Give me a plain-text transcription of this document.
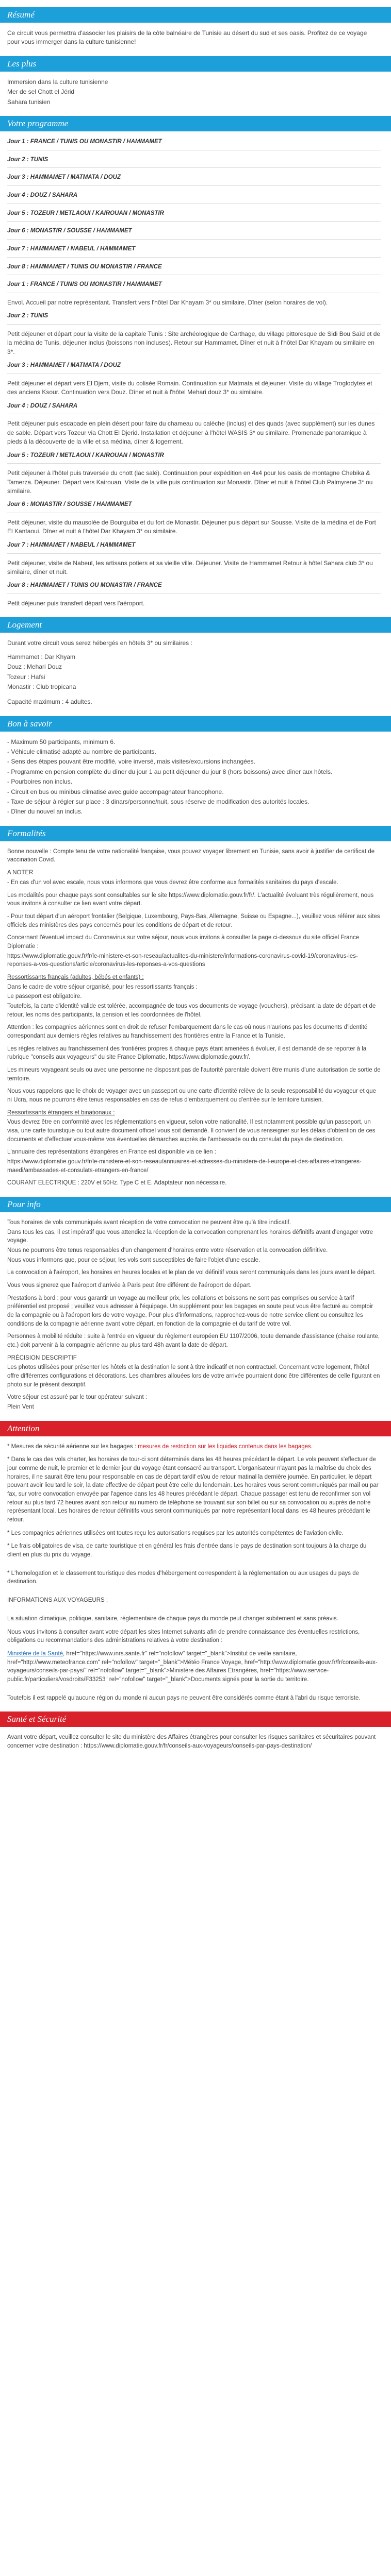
Résumé

Ce circuit vous permettra d'associer les plaisirs de la côte balnéaire de Tunisie au désert du sud et ses oasis. Profitez de ce voyage pour vous immerger dans la culture tunisienne!

Les plus
Immersion dans la culture tunisienne
Mer de sel Chott el Jérid
Sahara tunisien
Votre programme
Jour 1 : FRANCE / TUNIS OU MONASTIR / HAMMAMET
Jour 2 : TUNIS
Jour 3 : HAMMAMET / MATMATA / DOUZ
Jour 4 : DOUZ / SAHARA
Jour 5 : TOZEUR / METLAOUI / KAIROUAN / MONASTIR
Jour 6 : MONASTIR / SOUSSE / HAMMAMET
Jour 7 : HAMMAMET / NABEUL / HAMMAMET
Jour 8 : HAMMAMET / TUNIS OU MONASTIR / FRANCE
Jour 1 : FRANCE / TUNIS OU MONASTIR / HAMMAMET

Envol. Accueil par notre représentant. Transfert vers l'hôtel Dar Khayam 3* ou similaire. Dîner (selon horaires de vol).

Jour 2 : TUNIS

Petit déjeuner et départ pour la visite de la capitale Tunis : Site archéologique de Carthage, du village pittoresque de Sidi Bou Saïd et de la médina de Tunis, déjeuner inclus (boissons non incluses). Retour sur Hammamet. Dîner et nuit à l'hôtel Dar Khayam ou similaire en 3*.

Jour 3 : HAMMAMET / MATMATA / DOUZ

Petit déjeuner et départ vers El Djem, visite du colisée Romain. Continuation sur Matmata et déjeuner. Visite du village Troglodytes et des anciens Ksour. Continuation vers Douz. Dîner et nuit à l'hôtel Mehari douz 3* ou similaire.

Jour 4 : DOUZ / SAHARA

Petit déjeuner puis escapade en plein désert pour faire du chameau ou calèche (inclus) et des quads (avec supplément) sur les dunes de sable. Départ vers Tozeur via Chott El Djerid. Installation et déjeuner à l'hôtel WASIS 3* ou similaire. Promenade panoramique à pieds à la découverte de la ville et sa médina, dîner & logement.

Jour 5 : TOZEUR / METLAOUI / KAIROUAN / MONASTIR

Petit déjeuner à l'hôtel puis traversée du chott (lac salé). Continuation pour expédition en 4x4 pour les oasis de montagne Chebika & Tamerza. Déjeuner. Départ vers Kairouan. Visite de la ville puis continuation sur Monastir. Dîner et nuit à l'hôtel Club Palmyrene 3* ou similaire.

Jour 6 : MONASTIR / SOUSSE / HAMMAMET

Petit déjeuner, visite du mausolée de Bourguiba et du fort de Monastir. Déjeuner puis départ sur Sousse. Visite de la médina et de Port El Kantaoui. Dîner et nuit à l'hôtel Dar Khayam 3* ou similaire.

Jour 7 : HAMMAMET / NABEUL / HAMMAMET

Petit déjeuner, visite de Nabeul, les artisans potiers et sa vieille ville. Déjeuner. Visite de Hammamet Retour à hôtel Sahara club 3* ou similaire, dîner et nuit.

Jour 8 : HAMMAMET / TUNIS OU MONASTIR / FRANCE

Petit déjeuner puis transfert départ vers l'aéroport.

Logement

Durant votre circuit vous serez hébergés en hôtels 3* ou similaires :

Hammamet : Dar Khyam
Douz : Mehari Douz
Tozeur : Hafsi
Monastir : Club tropicana

Capacité maximum : 4 adultes.

Bon à savoir
- Maximum 50 participants, minimum 6.
- Véhicule climatisé adapté au nombre de participants.
- Sens des étapes pouvant être modifié, voire inversé, mais visites/excursions inchangées.
- Programme en pension complète du dîner du jour 1 au petit déjeuner du jour 8 (hors boissons) avec dîner aux hôtels.
- Pourboires non inclus.
- Circuit en bus ou minibus climatisé avec guide accompagnateur francophone.
- Taxe de séjour à régler sur place : 3 dinars/personne/nuit, sous réserve de modification des autorités locales.
- Dîner du nouvel an inclus.
Formalités

Bonne nouvelle : Compte tenu de votre nationalité française, vous pouvez voyager librement en Tunisie, sans avoir à justifier de certificat de vaccination Covid.

A NOTER

- En cas d'un vol avec escale, nous vous informons que vous devrez être conforme aux formalités sanitaires du pays d'escale.

Les modalités pour chaque pays sont consultables sur le site https://www.diplomatie.gouv.fr/fr/. L'actualité évoluant très régulièrement, nous vous invitons à consulter ce lien avant votre départ.

- Pour tout départ d'un aéroport frontalier (Belgique, Luxembourg, Pays-Bas, Allemagne, Suisse ou Espagne...), veuillez vous référer aux sites officiels des ministères des pays concernés pour les conditions de départ et de retour.

Concernant l'éventuel impact du Coronavirus sur votre séjour, nous vous invitons à consulter la page ci-dessous du site officiel France Diplomatie :

https://www.diplomatie.gouv.fr/fr/le-ministere-et-son-reseau/actualites-du-ministere/informations-coronavirus-covid-19/coronavirus-les-reponses-a-vos-questions/article/coronavirus-les-reponses-a-vos-questions

Ressortissants français (adultes, bébés et enfants) :

Dans le cadre de votre séjour organisé, pour les ressortissants français :

Le passeport est obligatoire.

Toutefois, la carte d'identité valide est tolérée, accompagnée de tous vos documents de voyage (vouchers), précisant la date de départ et de retour, les noms des participants, la pension et les coordonnées de l'hôtel.

Attention : les compagnies aériennes sont en droit de refuser l'embarquement dans le cas où nous n'aurions pas les documents d'identité correspondant aux derniers règles relatives au franchissement des frontières entre la France et la Tunisie.

Les règles relatives au franchissement des frontières propres à chaque pays étant amenées à évoluer, il est demandé de se reporter à la rubrique "conseils aux voyageurs" du site France Diplomatie, https://www.diplomatie.gouv.fr/.

Les mineurs voyageant seuls ou avec une personne ne disposant pas de l'autorité parentale doivent être munis d'une autorisation de sortie de territoire.

Nous vous rappelons que le choix de voyager avec un passeport ou une carte d'identité relève de la seule responsabilité du voyageur et que ni Ucra, nous ne pourrons être tenus responsables en cas de refus d'embarquement ou d'entrée sur le territoire tunisien.

Ressortissants étrangers et binationaux :

Vous devrez être en conformité avec les réglementations en vigueur, selon votre nationalité. Il est notamment possible qu'un passeport, un visa, une carte touristique ou tout autre document officiel vous soit demandé. Il convient de vous renseigner sur les délais d'obtention de ces documents et d'effectuer vous-même vos éventuelles démarches auprès de l'ambassade ou du consulat du pays de destination.

L'annuaire des représentations étrangères en France est disponible via ce lien :

https://www.diplomatie.gouv.fr/fr/le-ministere-et-son-reseau/annuaires-et-adresses-du-ministere-de-l-europe-et-des-affaires-etrangeres-maedi/ambassades-et-consulats-etrangers-en-france/

COURANT ELECTRIQUE : 220V et 50Hz. Type C et E. Adaptateur non nécessaire.

Pour info

Tous horaires de vols communiqués avant réception de votre convocation ne peuvent être qu'à titre indicatif.

Dans tous les cas, il est impératif que vous attendiez la réception de la convocation comprenant les horaires définitifs avant d'engager votre voyage.

Nous ne pourrons être tenus responsables d'un changement d'horaires entre votre réservation et la convocation définitive.

Nous vous informons que, pour ce séjour, les vols sont susceptibles de faire l'objet d'une escale.

La convocation à l'aéroport, les horaires en heures locales et le plan de vol définitif vous seront communiqués dans les jours avant le départ.

Vous vous signerez que l'aéroport d'arrivée à Paris peut être différent de l'aéroport de départ.

Prestations à bord : pour vous garantir un voyage au meilleur prix, les collations et boissons ne sont pas comprises ou service à tarif préférentiel est proposé ; veuillez vous adresser à l'équipage. Un supplément pour les bagages en soute peut vous être facturé au comptoir de la compagnie ou à l'aéroport lors de votre voyage. Pour plus d'informations, rapprochez-vous de notre service client ou consultez les conditions de la compagnie aérienne avant votre départ, en fonction de la compagnie et du tarif de votre vol.

Personnes à mobilité réduite : suite à l'entrée en vigueur du règlement européen EU 1107/2006, toute demande d'assistance (chaise roulante, etc.) doit parvenir à la compagnie aérienne au plus tard 48h avant la date de départ.

PRÉCISION DESCRIPTIF

Les photos utilisées pour présenter les hôtels et la destination le sont à titre indicatif et non contractuel. Concernant votre logement, l'hôtel offre différentes configurations et décorations. Les chambres allouées lors de votre arrivée pourraient donc être différentes de celle figurant en photo sur le présent descriptif.

Votre séjour est assuré par le tour opérateur suivant :

Plein Vent

Attention

* Mesures de sécurité aérienne sur les bagages : mesures de restriction sur les liquides contenus dans les bagages.

* Dans le cas des vols charter, les horaires de tour-ci sont déterminés dans les 48 heures précédant le départ. Le vols peuvent s'effectuer de jour comme de nuit, le premier et le dernier jour du voyage étant consacré au transport. L'organisateur n'ayant pas la maîtrise du choix des horaires, il ne saurait être tenu pour responsable en cas de départ tardif et/ou de retour matinal la dernière journée. En particulier, le départ pouvant avoir lieu tard le soir, la date effective de départ peut être celle du lendemain. Les horaires vous seront communiqués par mail ou par fax, sur votre convocation envoyée par l'agence dans les 48 heures précédant le départ. Chaque passager est tenu de reconfirmer son vol retour au plus tard 72 heures avant son retour au numéro de téléphone se trouvant sur son billet ou sur sa convocation ou auprès de notre représentant local. Les horaires de retour définitifs vous seront communiqués par notre représentant local dans les 48 heures précédant le retour.

* Les compagnies aériennes utilisées ont toutes reçu les autorisations requises par les autorités compétentes de l'aviation civile.

* Le frais obligatoires de visa, de carte touristique et en général les frais d'entrée dans le pays de destination sont toujours à la charge du client en plus du prix du voyage.

* L'homologation et le classement touristique des modes d'hébergement correspondent à la réglementation ou aux usages du pays de destination.

INFORMATIONS AUX VOYAGEURS :

La situation climatique, politique, sanitaire, réglementaire de chaque pays du monde peut changer subitement et sans préavis.

Nous vous invitons à consulter avant votre départ les sites Internet suivants afin de prendre connaissance des éventuelles restrictions, obligations ou recommandations des administrations relatives à votre destination :

Ministère de la Santé, href="https://www.inrs.sante.fr" rel="nofollow" target="_blank">Institut de veille sanitaire, href="http://www.meteofrance.com" rel="nofollow" target="_blank">Météo France Voyage, href="http://www.diplomatie.gouv.fr/fr/conseils-aux-voyageurs/conseils-par-pays/" rel="nofollow" target="_blank">Ministère des Affaires Etrangères, href="https://www.service-public.fr/particuliers/vosdroits/F33253" rel="nofollow" target="_blank">Documents signés pour la sortie du territoire.

Toutefois il est rappelé qu'aucune région du monde ni aucun pays ne peuvent être considérés comme étant à l'abri du risque terroriste.

Santé et Sécurité

Avant votre départ, veuillez consulter le site du ministère des Affaires étrangères pour consulter les risques sanitaires et sécuritaires pouvant concerner votre destination : https://www.diplomatie.gouv.fr/fr/conseils-aux-voyageurs/conseils-par-pays-destination/
